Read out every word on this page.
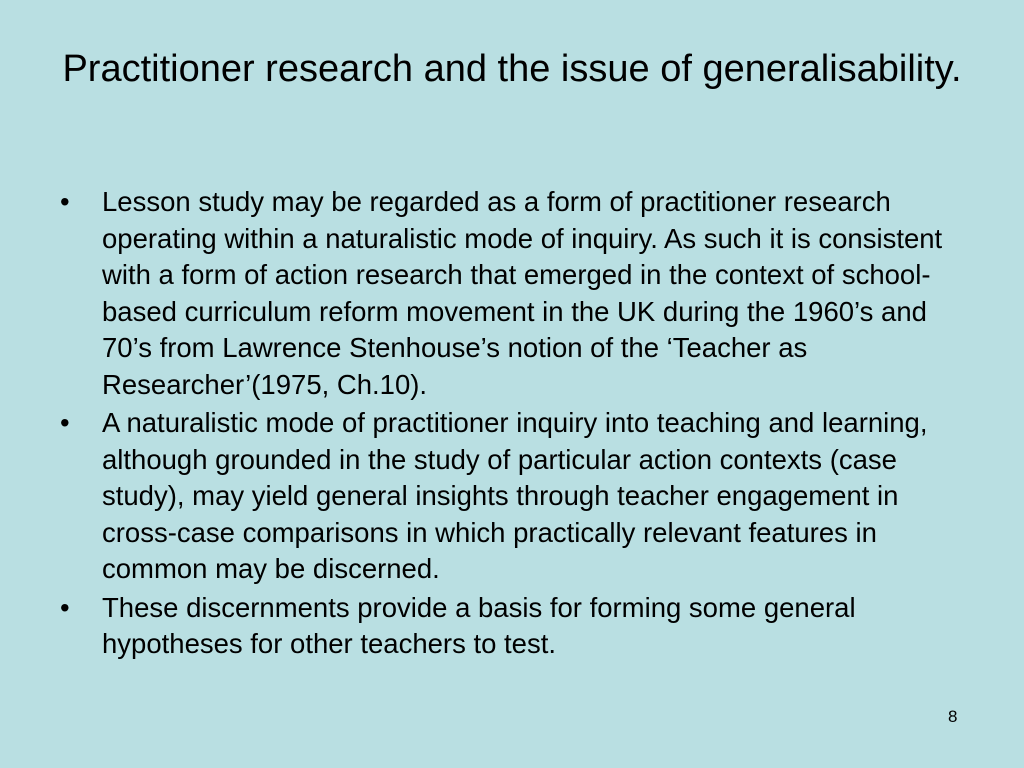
Practitioner research and the issue of generalisability.
•	Lesson study may be regarded as a form of practitioner research operating within a naturalistic mode of inquiry. As such it is consistent with a form of action research that emerged in the context of school-based curriculum reform movement in the UK during the 1960’s and 70’s from Lawrence Stenhouse’s notion of the ‘Teacher as Researcher’(1975, Ch.10).
•	A naturalistic mode of practitioner inquiry into teaching and learning, although grounded in the study of particular action contexts (case study), may yield general insights through teacher engagement in cross-case comparisons in which practically relevant features in common may be discerned.
•	These discernments provide a basis for forming some general hypotheses for other teachers to test.
8
